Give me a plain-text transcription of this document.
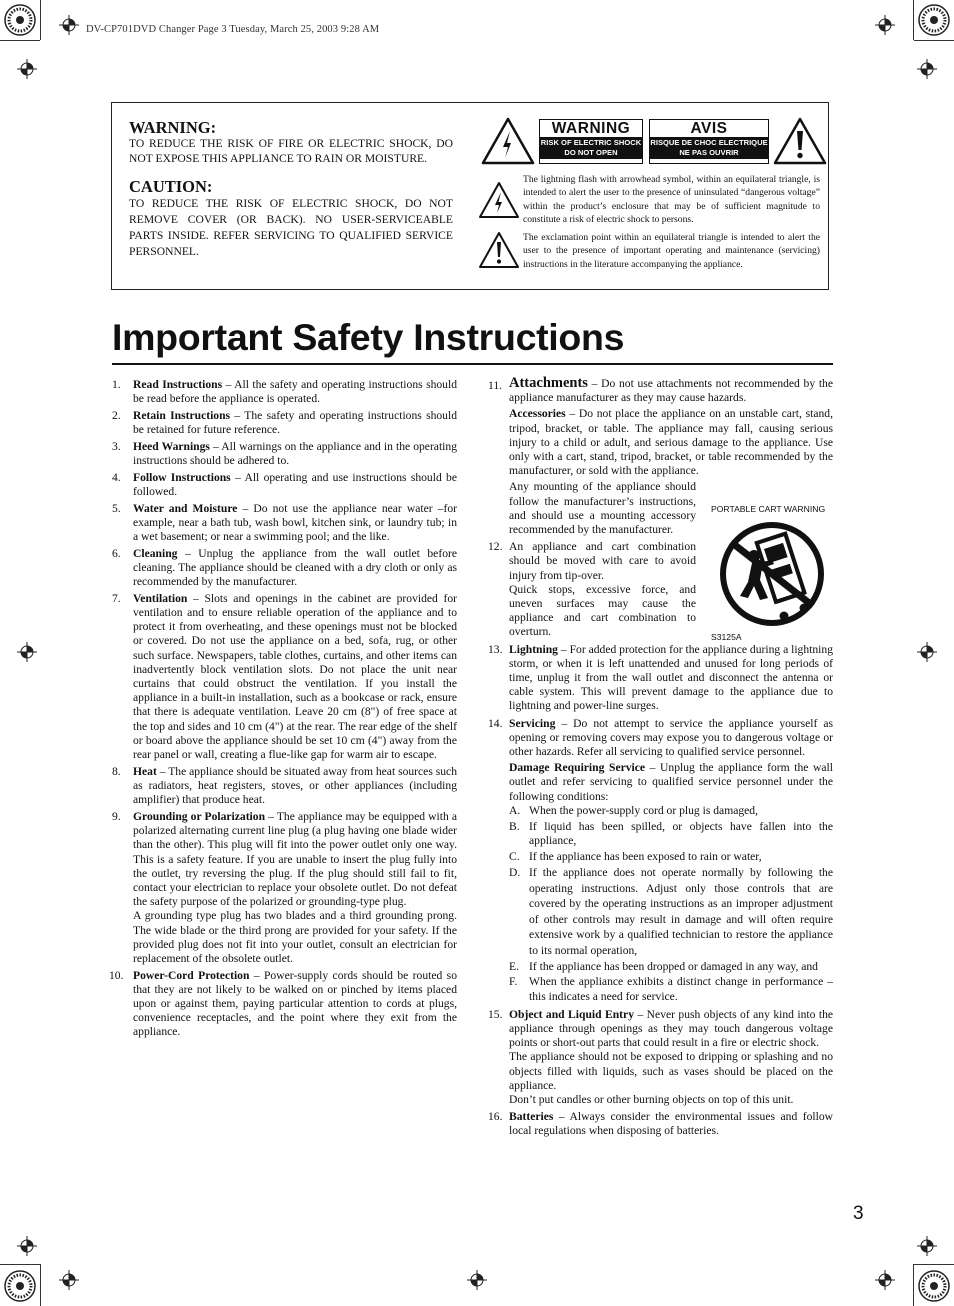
DV-CP701DVD Changer Page 3 Tuesday, March 25, 2003 9:28 AM
WARNING:

TO REDUCE THE RISK OF FIRE OR ELECTRIC SHOCK, DO NOT EXPOSE THIS APPLIANCE TO RAIN OR MOISTURE.

CAUTION:

TO REDUCE THE RISK OF ELECTRIC SHOCK, DO NOT REMOVE COVER (OR BACK). NO USER-SERVICEABLE PARTS INSIDE. REFER SERVICING TO QUALIFIED SERVICE PERSONNEL.

WARNING
RISK OF ELECTRIC SHOCK
DO NOT OPEN
AVIS
RISQUE DE CHOC ELECTRIQUE
NE PAS OUVRIR
The lightning flash with arrowhead symbol, within an equilateral triangle, is intended to alert the user to the presence of uninsulated “dangerous voltage” within the product’s enclosure that may be of sufficient magnitude to constitute a risk of electric shock to persons.
The exclamation point within an equilateral triangle is intended to alert the user to the presence of important operating and maintenance (servicing) instructions in the literature accompanying the appliance.
Important Safety Instructions
1. Read Instructions – All the safety and operating instructions should be read before the appliance is operated.

2. Retain Instructions – The safety and operating instructions should be retained for future reference.

3. Heed Warnings – All warnings on the appliance and in the operating instructions should be adhered to.

4. Follow Instructions – All operating and use instructions should be followed.

5. Water and Moisture – Do not use the appliance near water –for example, near a bath tub, wash bowl, kitchen sink, or laundry tub; in a wet basement; or near a swimming pool; and the like.

6. Cleaning – Unplug the appliance from the wall outlet before cleaning. The appliance should be cleaned with a dry cloth or only as recommended by the manufacturer.

7. Ventilation – Slots and openings in the cabinet are provided for ventilation and to ensure reliable operation of the appliance and to protect it from overheating, and these openings must not be blocked or covered. Do not use the appliance on a bed, sofa, rug, or other such surface. Newspapers, table clothes, curtains, and other items can inadvertently block ventilation slots. Do not place the unit near curtains that could obstruct the ventilation. If you install the appliance in a built-in installation, such as a bookcase or rack, ensure that there is adequate ventilation. Leave 20 cm (8") of free space at the top and sides and 10 cm (4") at the rear. The rear edge of the shelf or board above the appliance should be set 10 cm (4") away from the rear panel or wall, creating a flue-like gap for warm air to escape.

8. Heat – The appliance should be situated away from heat sources such as radiators, heat registers, stoves, or other appliances (including amplifier) that produce heat.

9. Grounding or Polarization – The appliance may be equipped with a polarized alternating current line plug (a plug having one blade wider than the other). This plug will fit into the power outlet only one way. This is a safety feature. If you are unable to insert the plug fully into the outlet, try reversing the plug. If the plug should still fail to fit, contact your electrician to replace your obsolete outlet. Do not defeat the safety purpose of the polarized or grounding-type plug.

A grounding type plug has two blades and a third grounding prong. The wide blade or the third prong are provided for your safety. If the provided plug does not fit into your outlet, consult an electrician for replacement of the obsolete outlet.

10. Power-Cord Protection – Power-supply cords should be routed so that they are not likely to be walked on or pinched by items placed upon or against them, paying particular attention to cords at plugs, convenience receptacles, and the point where they exit from the appliance.

11. Attachments – Do not use attachments not recommended by the appliance manufacturer as they may cause hazards.

Accessories – Do not place the appliance on an unstable cart, stand, tripod, bracket, or table. The appliance may fall, causing serious injury to a child or adult, and serious damage to the appliance. Use only with a cart, stand, tripod, bracket, or table recommended by the manufacturer, or sold with the appliance.

Any mounting of the appliance should follow the manufacturer’s instructions, and should use a mounting accessory recommended by the manufacturer.

12. An appliance and cart combination should be moved with care to avoid injury from tip-over.

Quick stops, excessive force, and uneven surfaces may cause the appliance and cart combination to overturn.

13. Lightning – For added protection for the appliance during a lightning storm, or when it is left unattended and unused for long periods of time, unplug it from the wall outlet and disconnect the antenna or cable system. This will prevent damage to the appliance due to lightning and power-line surges.

14. Servicing – Do not attempt to service the appliance yourself as opening or removing covers may expose you to dangerous voltage or other hazards. Refer all servicing to qualified service personnel.

Damage Requiring Service – Unplug the appliance form the wall outlet and refer servicing to qualified service personnel under the following conditions:

A. When the power-supply cord or plug is damaged,
B. If liquid has been spilled, or objects have fallen into the appliance,
C. If the appliance has been exposed to rain or water,
D. If the appliance does not operate normally by following the operating instructions. Adjust only those controls that are covered by the operating instructions as an improper adjustment of other controls may result in damage and will often require extensive work by a qualified technician to restore the appliance to its normal operation,
E. If the appliance has been dropped or damaged in any way, and
F. When the appliance exhibits a distinct change in performance – this indicates a need for service.
15. Object and Liquid Entry – Never push objects of any kind into the appliance through openings as they may touch dangerous voltage points or short-out parts that could result in a fire or electric shock.

The appliance should not be exposed to dripping or splashing and no objects filled with liquids, such as vases should be placed on the appliance.

Don’t put candles or other burning objects on top of this unit.

16. Batteries – Always consider the environmental issues and follow local regulations when disposing of batteries.

PORTABLE CART WARNING
S3125A
3
